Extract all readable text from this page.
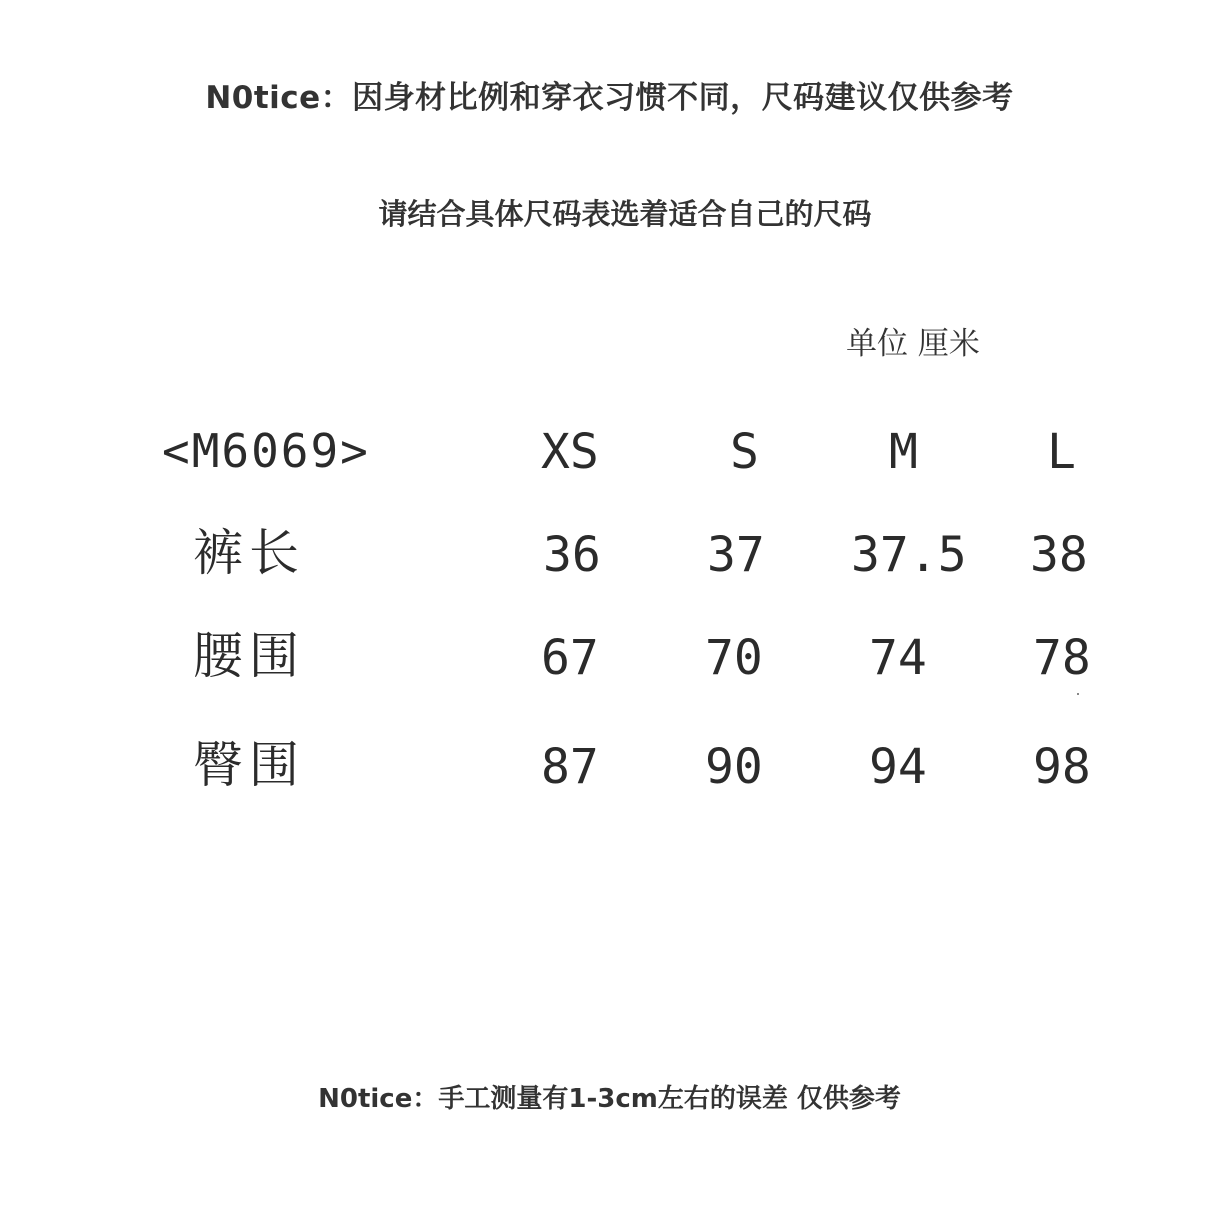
N0tice：因身材比例和穿衣习惯不同，尺码建议仅供参考
请结合具体尺码表选着适合自己的尺码
单位 厘米
<M6069>	XS	S	M	L
裤长	36 37 37.5 38
腰围	67 70 74 78
臀围	87 90 94 98
N0tice：手工测量有1-3cm左右的误差 仅供参考
